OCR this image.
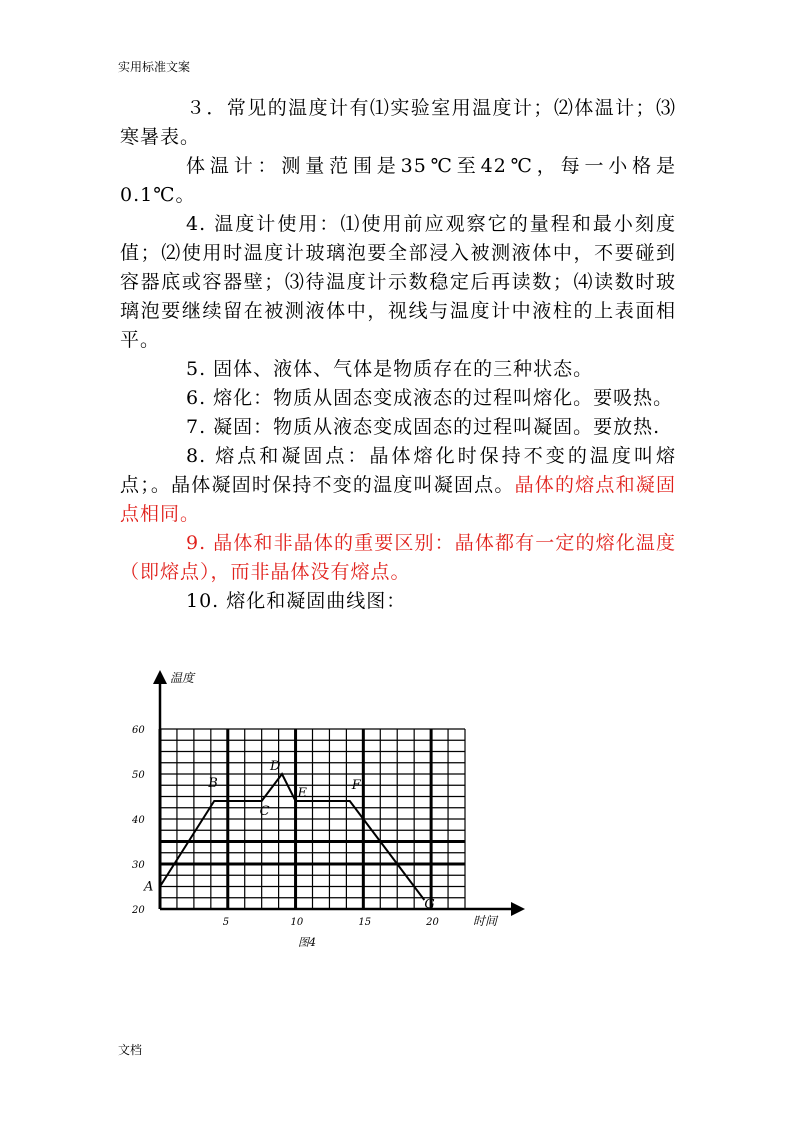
实用标准文案

３．常见的温度计有⑴实验室用温度计；⑵体温计；⑶寒暑表。

体温计：测量范围是35℃至42℃，每一小格是0.1℃。

4. 温度计使用：⑴使用前应观察它的量程和最小刻度值；⑵使用时温度计玻璃泡要全部浸入被测液体中，不要碰到容器底或容器壁；⑶待温度计示数稳定后再读数；⑷读数时玻璃泡要继续留在被测液体中，视线与温度计中液柱的上表面相平。

5. 固体、液体、气体是物质存在的三种状态。

6. 熔化：物质从固态变成液态的过程叫熔化。要吸热。

7. 凝固：物质从液态变成固态的过程叫凝固。要放热.

8. 熔点和凝固点：晶体熔化时保持不变的温度叫熔点；。晶体凝固时保持不变的温度叫凝固点。晶体的熔点和凝固点相同。

9. 晶体和非晶体的重要区别：晶体都有一定的熔化温度（即熔点），而非晶体没有熔点。

10. 熔化和凝固曲线图：

温度
时间
20
30
40
50
60
5	10	15	20
A
B
C
D
E
F
G
图4
文档
